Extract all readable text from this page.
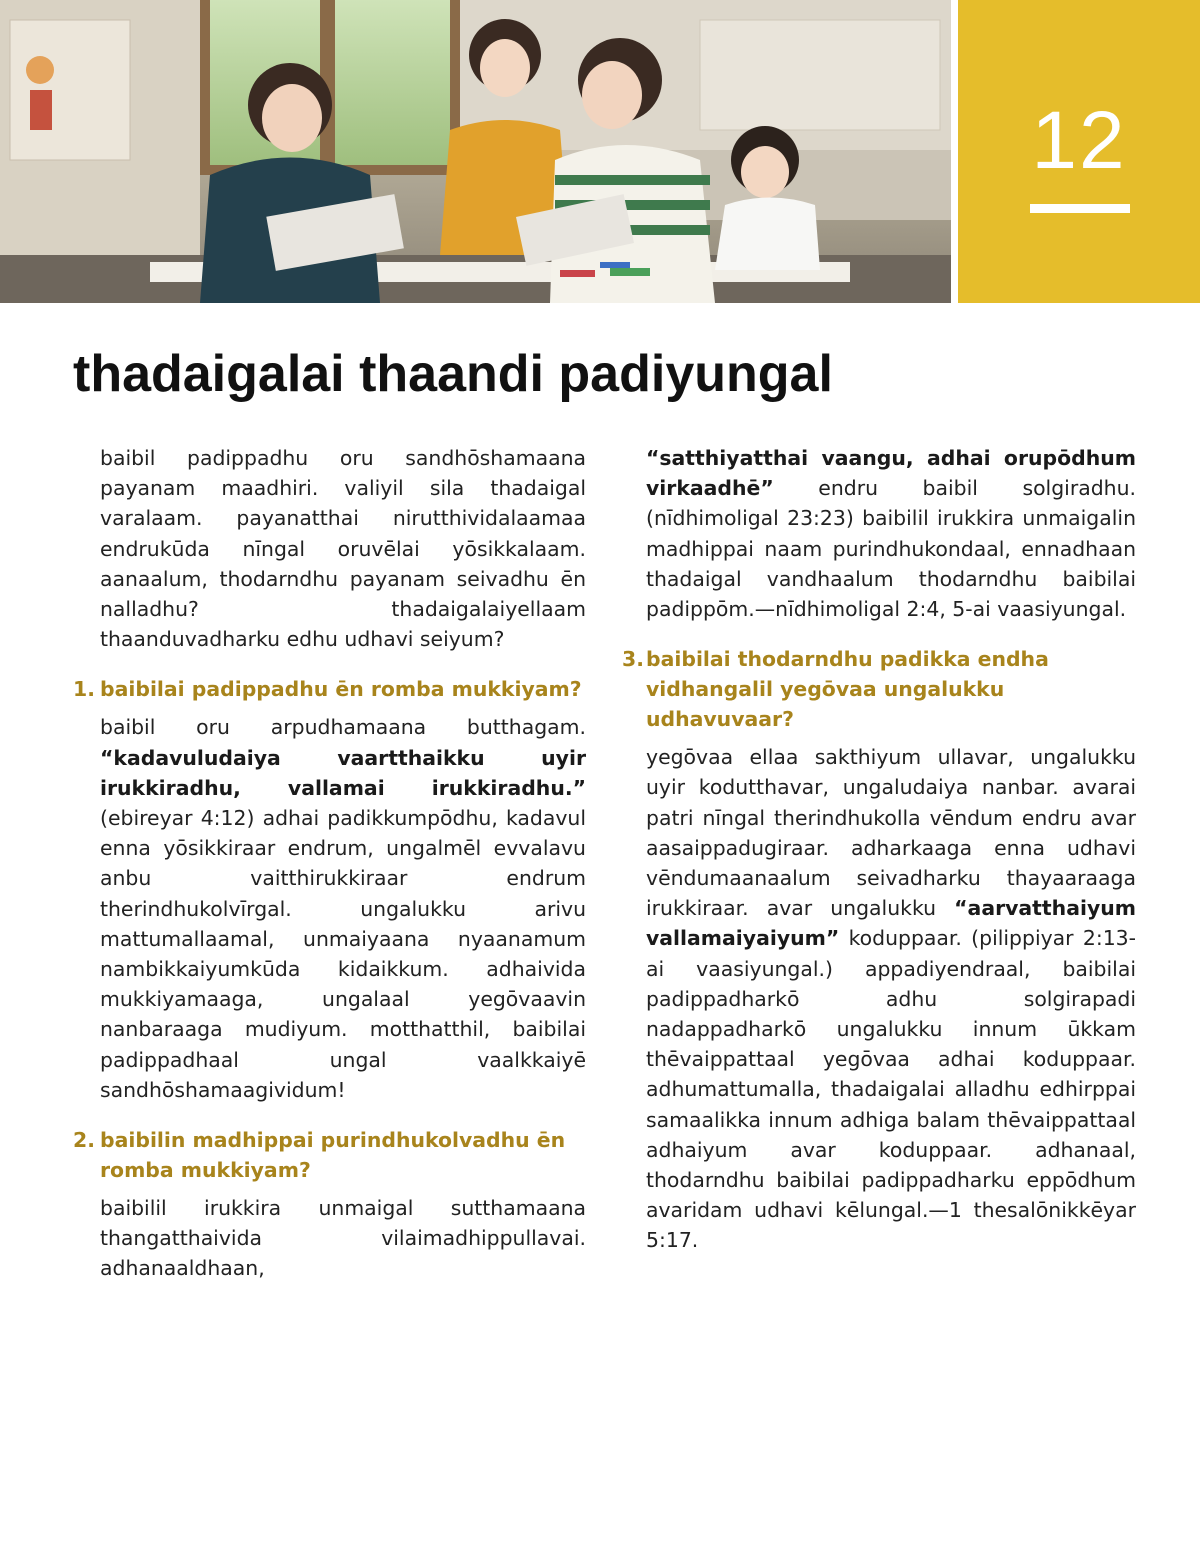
12
thadaigalai thaandi padiyungal

baibil padippadhu oru sandhōshamaana payanam maadhiri. valiyil sila thadaigal varalaam. payanatthai nirutthividalaamaa endrukūda nīngal oruvēlai yōsikkalaam. aanaalum, thodarndhu payanam seivadhu ēn nalladhu? thadaigalaiyellaam thaanduvadharku edhu udhavi seiyum?

1. baibilai padippadhu ēn romba mukkiyam?

baibil oru arpudhamaana butthagam. “kadavuludaiya vaartthaikku uyir irukkiradhu, vallamai irukkiradhu.” (ebireyar 4:12) adhai padikkumpōdhu, kadavul enna yōsikkiraar endrum, ungalmēl evvalavu anbu vaitthirukkiraar endrum therindhukolvīrgal. ungalukku arivu mattumallaamal, unmaiyaana nyaanamum nambikkaiyumkūda kidaikkum. adhaivida mukkiyamaaga, ungalaal yegōvaavin nanbaraaga mudiyum. motthatthil, baibilai padippadhaal ungal vaalkkaiyē sandhōshamaagividum!

2. baibilin madhippai purindhukolvadhu ēn romba mukkiyam?

baibilil irukkira unmaigal sutthamaana thangatthaivida vilaimadhippullavai. adhanaaldhaan,

“satthiyatthai vaangu, adhai orupōdhum virkaadhē” endru baibil solgiradhu. (nīdhimoligal 23:23) baibilil irukkira unmaigalin madhippai naam purindhukondaal, ennadhaan thadaigal vandhaalum thodarndhu baibilai padippōm.—nīdhimoligal 2:4, 5-ai vaasiyungal.

3. baibilai thodarndhu padikka endha vidhangalil yegōvaa ungalukku udhavuvaar?

yegōvaa ellaa sakthiyum ullavar, ungalukku uyir kodutthavar, ungaludaiya nanbar. avarai patri nīngal therindhukolla vēndum endru avar aasaippadugiraar. adharkaaga enna udhavi vēndumaanaalum seivadharku thayaaraaga irukkiraar. avar ungalukku “aarvatthaiyum vallamaiyaiyum” koduppaar. (pilippiyar 2:13-ai vaasiyungal.) appadiyendraal, baibilai padippadharkō adhu solgirapadi nadappadharkō ungalukku innum ūkkam thēvaippattaal yegōvaa adhai koduppaar. adhumattumalla, thadaigalai alladhu edhirppai samaalikka innum adhiga balam thēvaippattaal adhaiyum avar koduppaar. adhanaal, thodarndhu baibilai padippadharku eppōdhum avaridam udhavi kēlungal.—1 thesalōnikkēyar 5:17.
